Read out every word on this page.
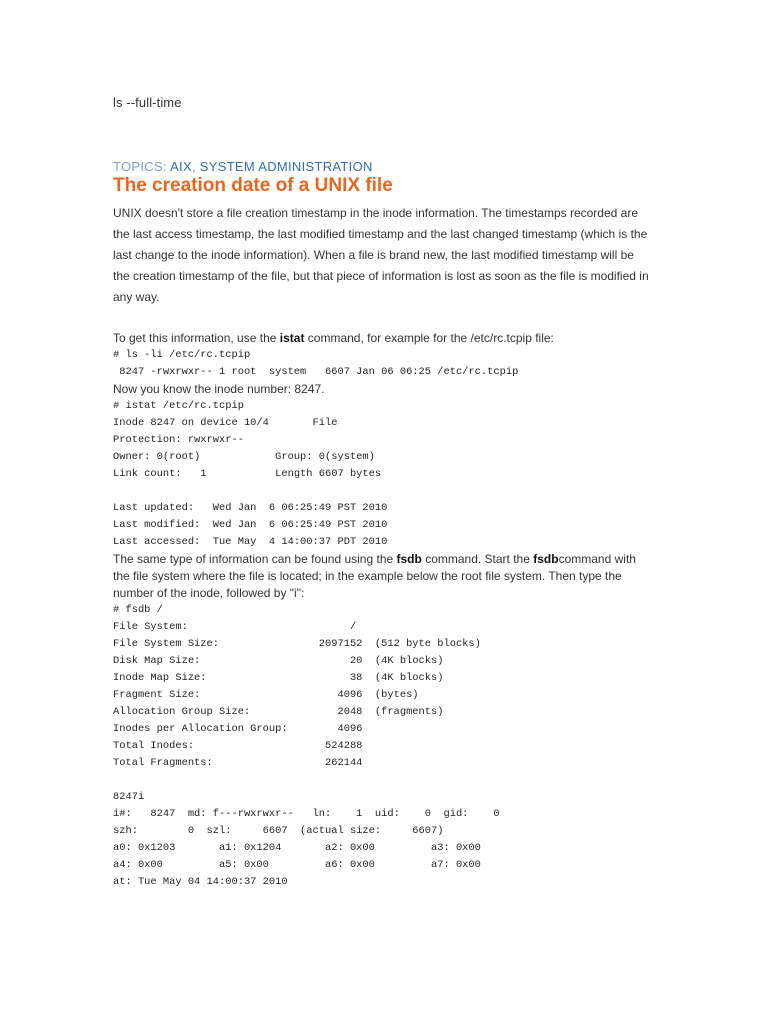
ls --full-time
TOPICS: AIX, SYSTEM ADMINISTRATION
The creation date of a UNIX file

UNIX doesn't store a file creation timestamp in the inode information. The timestamps recorded are the last access timestamp, the last modified timestamp and the last changed timestamp (which is the last change to the inode information). When a file is brand new, the last modified timestamp will be the creation timestamp of the file, but that piece of information is lost as soon as the file is modified in any way.

To get this information, use the istat command, for example for the /etc/rc.tcpip file:

# ls -li /etc/rc.tcpip
8247 -rwxrwxr-- 1 root  system   6607 Jan 06 06:25 /etc/rc.tcpip

Now you know the inode number: 8247.

# istat /etc/rc.tcpip
Inode 8247 on device 10/4       File
Protection: rwxrwxr--
Owner: 0(root)            Group: 0(system)
Link count:   1           Length 6607 bytes

Last updated:   Wed Jan  6 06:25:49 PST 2010
Last modified:  Wed Jan  6 06:25:49 PST 2010
Last accessed:  Tue May  4 14:00:37 PDT 2010

The same type of information can be found using the fsdb command. Start the fsdbcommand with the file system where the file is located; in the example below the root file system. Then type the number of the inode, followed by "i":

# fsdb /
File System:                          /
File System Size:                2097152  (512 byte blocks)
Disk Map Size:                        20  (4K blocks)
Inode Map Size:                       38  (4K blocks)
Fragment Size:                      4096  (bytes)
Allocation Group Size:              2048  (fragments)
Inodes per Allocation Group:        4096
Total Inodes:                     524288
Total Fragments:                  262144

8247i
i#:   8247  md: f---rwxrwxr--   ln:    1  uid:    0  gid:    0
szh:        0  szl:     6607  (actual size:     6607)
a0: 0x1203       a1: 0x1204       a2: 0x00         a3: 0x00
a4: 0x00         a5: 0x00         a6: 0x00         a7: 0x00
at: Tue May 04 14:00:37 2010
